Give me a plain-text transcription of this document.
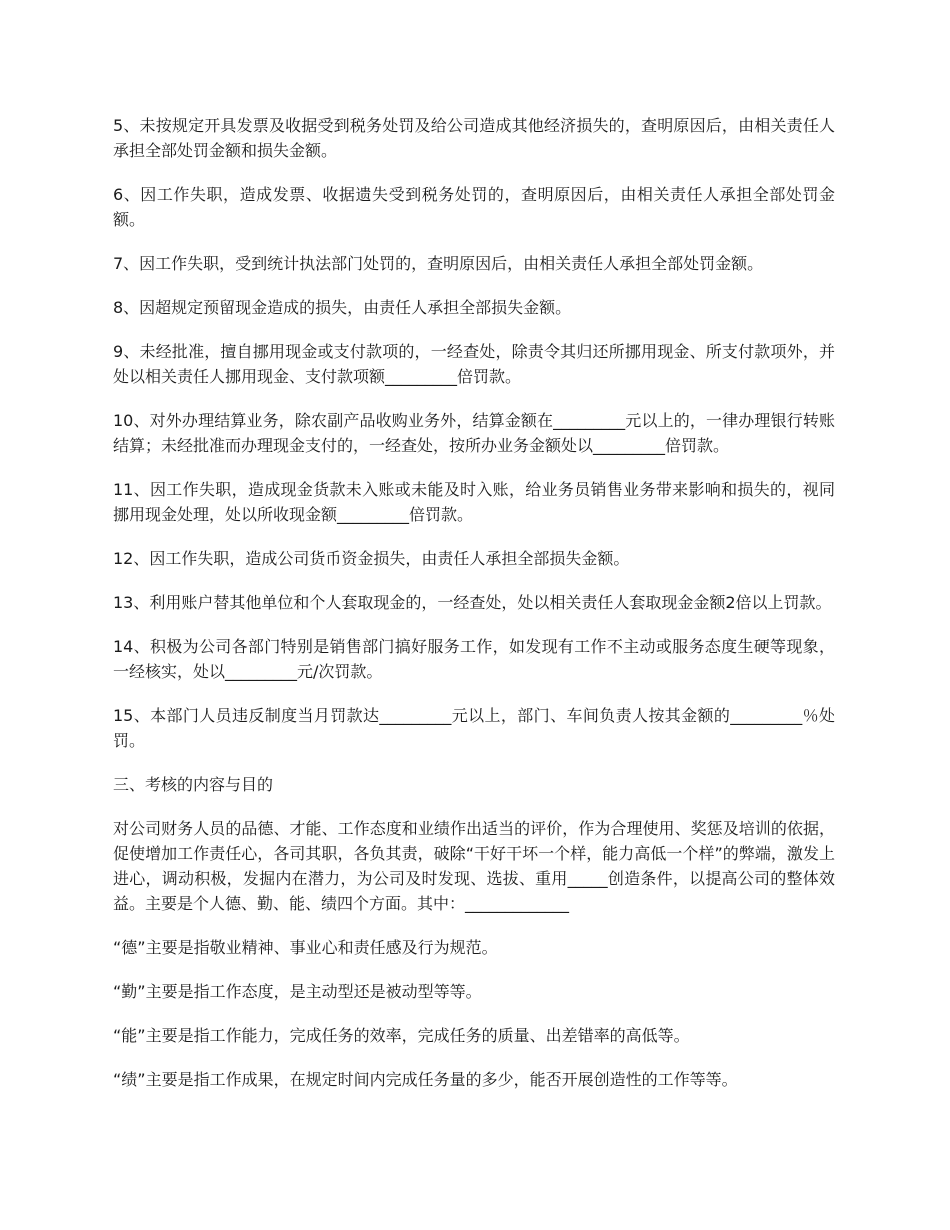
5、未按规定开具发票及收据受到税务处罚及给公司造成其他经济损失的，查明原因后，由相关责任人承担全部处罚金额和损失金额。

6、因工作失职，造成发票、收据遗失受到税务处罚的，查明原因后，由相关责任人承担全部处罚金额。

7、因工作失职，受到统计执法部门处罚的，查明原因后，由相关责任人承担全部处罚金额。

8、因超规定预留现金造成的损失，由责任人承担全部损失金额。

9、未经批准，擅自挪用现金或支付款项的，一经查处，除责令其归还所挪用现金、所支付款项外，并处以相关责任人挪用现金、支付款项额_________倍罚款。

10、对外办理结算业务，除农副产品收购业务外，结算金额在_________元以上的，一律办理银行转账结算；未经批准而办理现金支付的，一经查处，按所办业务金额处以_________倍罚款。

11、因工作失职，造成现金货款未入账或未能及时入账，给业务员销售业务带来影响和损失的，视同挪用现金处理，处以所收现金额_________倍罚款。

12、因工作失职，造成公司货币资金损失，由责任人承担全部损失金额。

13、利用账户替其他单位和个人套取现金的，一经查处，处以相关责任人套取现金金额2倍以上罚款。

14、积极为公司各部门特别是销售部门搞好服务工作，如发现有工作不主动或服务态度生硬等现象，一经核实，处以_________元/次罚款。

15、本部门人员违反制度当月罚款达_________元以上，部门、车间负责人按其金额的_________％处罚。

三、考核的内容与目的

对公司财务人员的品德、才能、工作态度和业绩作出适当的评价，作为合理使用、奖惩及培训的依据，促使增加工作责任心，各司其职，各负其责，破除“干好干坏一个样，能力高低一个样”的弊端，激发上进心，调动积极，发掘内在潜力，为公司及时发现、选拔、重用_____创造条件，以提高公司的整体效益。主要是个人德、勤、能、绩四个方面。其中：_____________

“德”主要是指敬业精神、事业心和责任感及行为规范。

“勤”主要是指工作态度，是主动型还是被动型等等。

“能”主要是指工作能力，完成任务的效率，完成任务的质量、出差错率的高低等。

“绩”主要是指工作成果，在规定时间内完成任务量的多少，能否开展创造性的工作等等。
